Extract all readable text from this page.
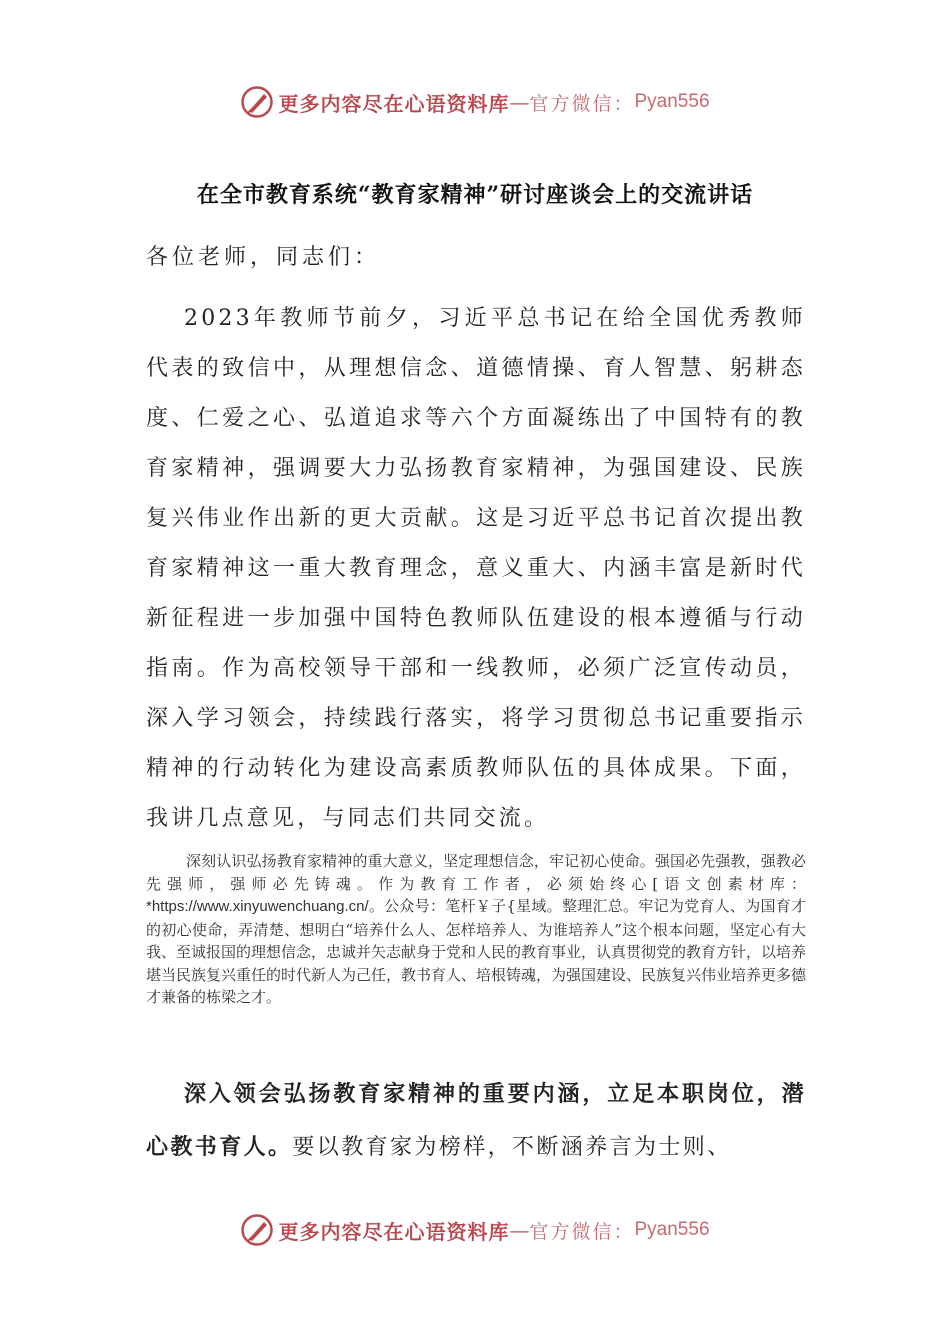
更多内容尽在心语资料库 — 官方微信： Pyan556
在全市教育系统“教育家精神”研讨座谈会上的交流讲话
各位老师，同志们：

2023年教师节前夕，习近平总书记在给全国优秀教师代表的致信中，从理想信念、道德情操、育人智慧、躬耕态度、仁爱之心、弘道追求等六个方面凝练出了中国特有的教育家精神，强调要大力弘扬教育家精神，为强国建设、民族复兴伟业作出新的更大贡献。这是习近平总书记首次提出教育家精神这一重大教育理念，意义重大、内涵丰富是新时代新征程进一步加强中国特色教师队伍建设的根本遵循与行动指南。作为高校领导干部和一线教师，必须广泛宣传动员，深入学习领会，持续践行落实，将学习贯彻总书记重要指示精神的行动转化为建设高素质教师队伍的具体成果。下面，我讲几点意见，与同志们共同交流。

深刻认识弘扬教育家精神的重大意义，坚定理想信念，牢记初心使命。强国必先强教，强教必先强师，强师必先铸魂。作为教育工作者，必须始终心[语文创素材库：*https://www.xinyuwenchuang.cn/。公众号：笔杆￥子{星域。整理汇总。牢记为党育人、为国育才的初心使命，弄清楚、想明白“培养什么人、怎样培养人、为谁培养人”这个根本问题，坚定心有大我、至诚报国的理想信念，忠诚并矢志献身于党和人民的教育事业，认真贯彻党的教育方针，以培养堪当民族复兴重任的时代新人为己任，教书育人、培根铸魂，为强国建设、民族复兴伟业培养更多德才兼备的栋梁之才。

深入领会弘扬教育家精神的重要内涵，立足本职岗位，潜心教书育人。要以教育家为榜样，不断涵养言为士则、

更多内容尽在心语资料库 — 官方微信： Pyan556
